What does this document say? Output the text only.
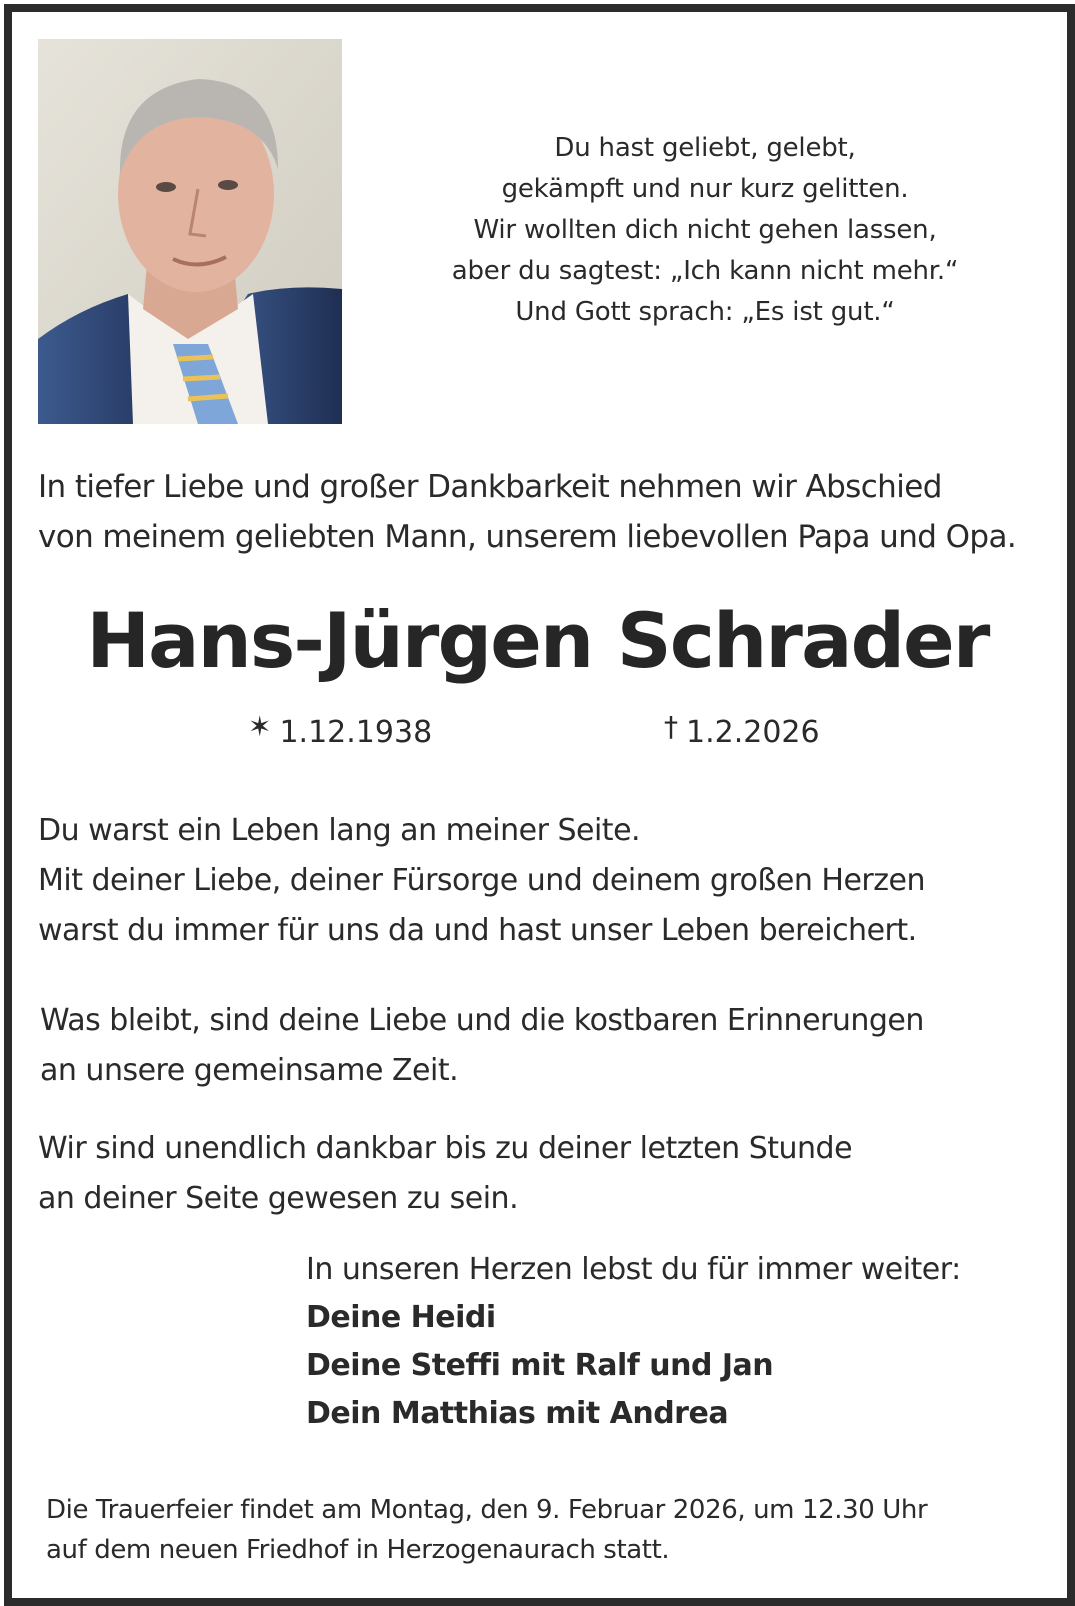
Du hast geliebt, gelebt,
gekämpft und nur kurz gelitten.
Wir wollten dich nicht gehen lassen,
aber du sagtest: „Ich kann nicht mehr.“
Und Gott sprach: „Es ist gut.“
In tiefer Liebe und großer Dankbarkeit nehmen wir Abschied
von meinem geliebten Mann, unserem liebevollen Papa und Opa.
Hans-Jürgen Schrader
✶ 1.12.1938	† 1.2.2026
Du warst ein Leben lang an meiner Seite.
Mit deiner Liebe, deiner Fürsorge und deinem großen Herzen
warst du immer für uns da und hast unser Leben bereichert.
Was bleibt, sind deine Liebe und die kostbaren Erinnerungen
an unsere gemeinsame Zeit.
Wir sind unendlich dankbar bis zu deiner letzten Stunde
an deiner Seite gewesen zu sein.
In unseren Herzen lebst du für immer weiter:
Deine Heidi
Deine Steffi mit Ralf und Jan
Dein Matthias mit Andrea
Die Trauerfeier findet am Montag, den 9. Februar 2026, um 12.30 Uhr
auf dem neuen Friedhof in Herzogenaurach statt.
